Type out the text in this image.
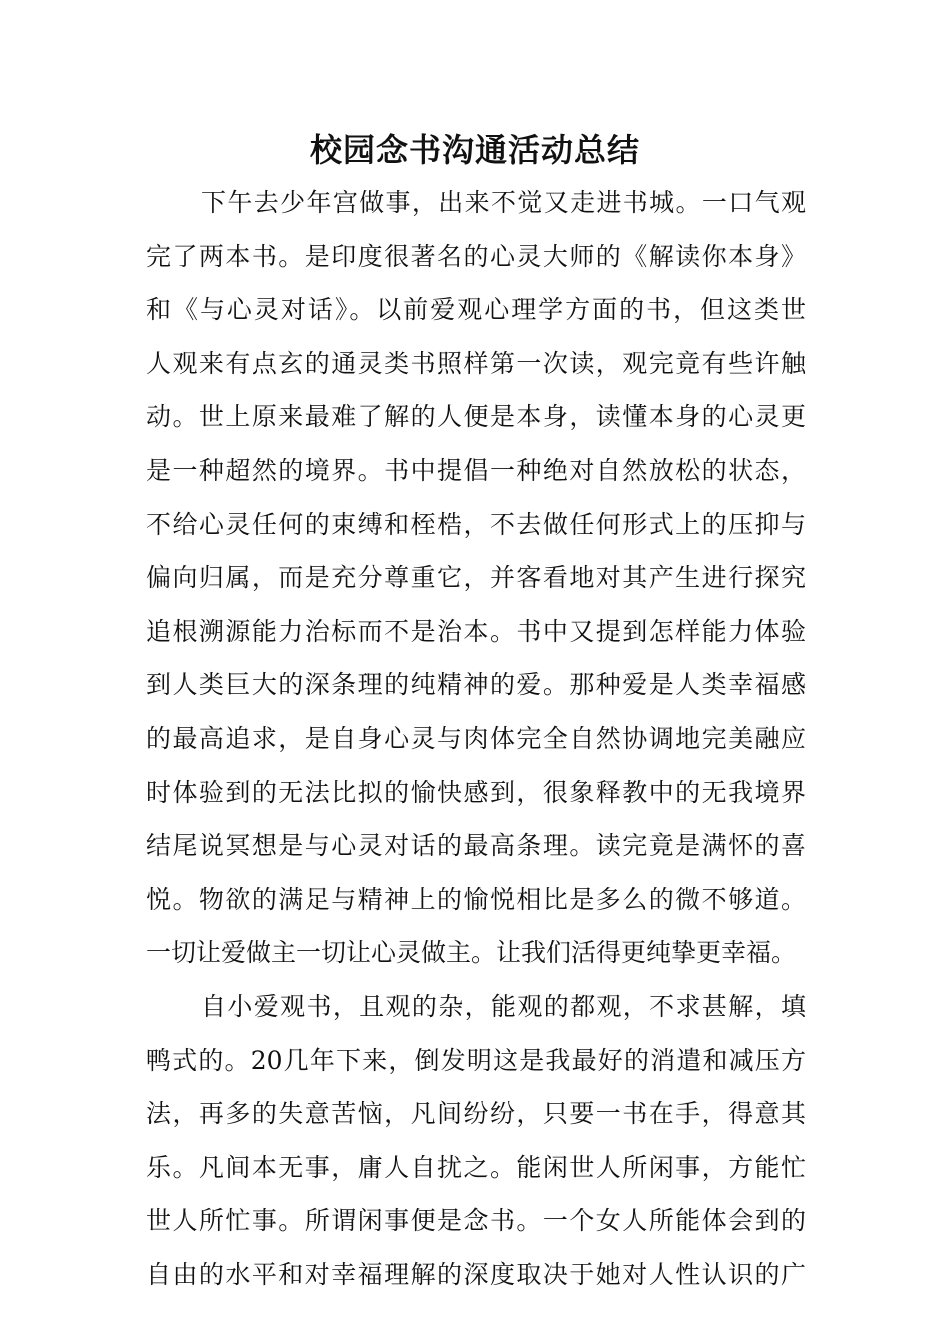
校园念书沟通活动总结
下午去少年宫做事，出来不觉又走进书城。一口气观
完了两本书。是印度很著名的心灵大师的《解读你本身》
和《与心灵对话》。以前爱观心理学方面的书，但这类世
人观来有点玄的通灵类书照样第一次读，观完竟有些许触
动。世上原来最难了解的人便是本身，读懂本身的心灵更
是一种超然的境界。书中提倡一种绝对自然放松的状态，
不给心灵任何的束缚和桎梏，不去做任何形式上的压抑与
偏向归属，而是充分尊重它，并客看地对其产生进行探究
追根溯源能力治标而不是治本。书中又提到怎样能力体验
到人类巨大的深条理的纯精神的爱。那种爱是人类幸福感
的最高追求，是自身心灵与肉体完全自然协调地完美融应
时体验到的无法比拟的愉快感到，很象释教中的无我境界
结尾说冥想是与心灵对话的最高条理。读完竟是满怀的喜
悦。物欲的满足与精神上的愉悦相比是多么的微不够道。
一切让爱做主一切让心灵做主。让我们活得更纯挚更幸福。
自小爱观书，且观的杂，能观的都观，不求甚解，填
鸭式的。20几年下来，倒发明这是我最好的消遣和减压方
法，再多的失意苦恼，凡间纷纷，只要一书在手，得意其
乐。凡间本无事，庸人自扰之。能闲世人所闲事，方能忙
世人所忙事。所谓闲事便是念书。一个女人所能体会到的
自由的水平和对幸福理解的深度取决于她对人性认识的广
